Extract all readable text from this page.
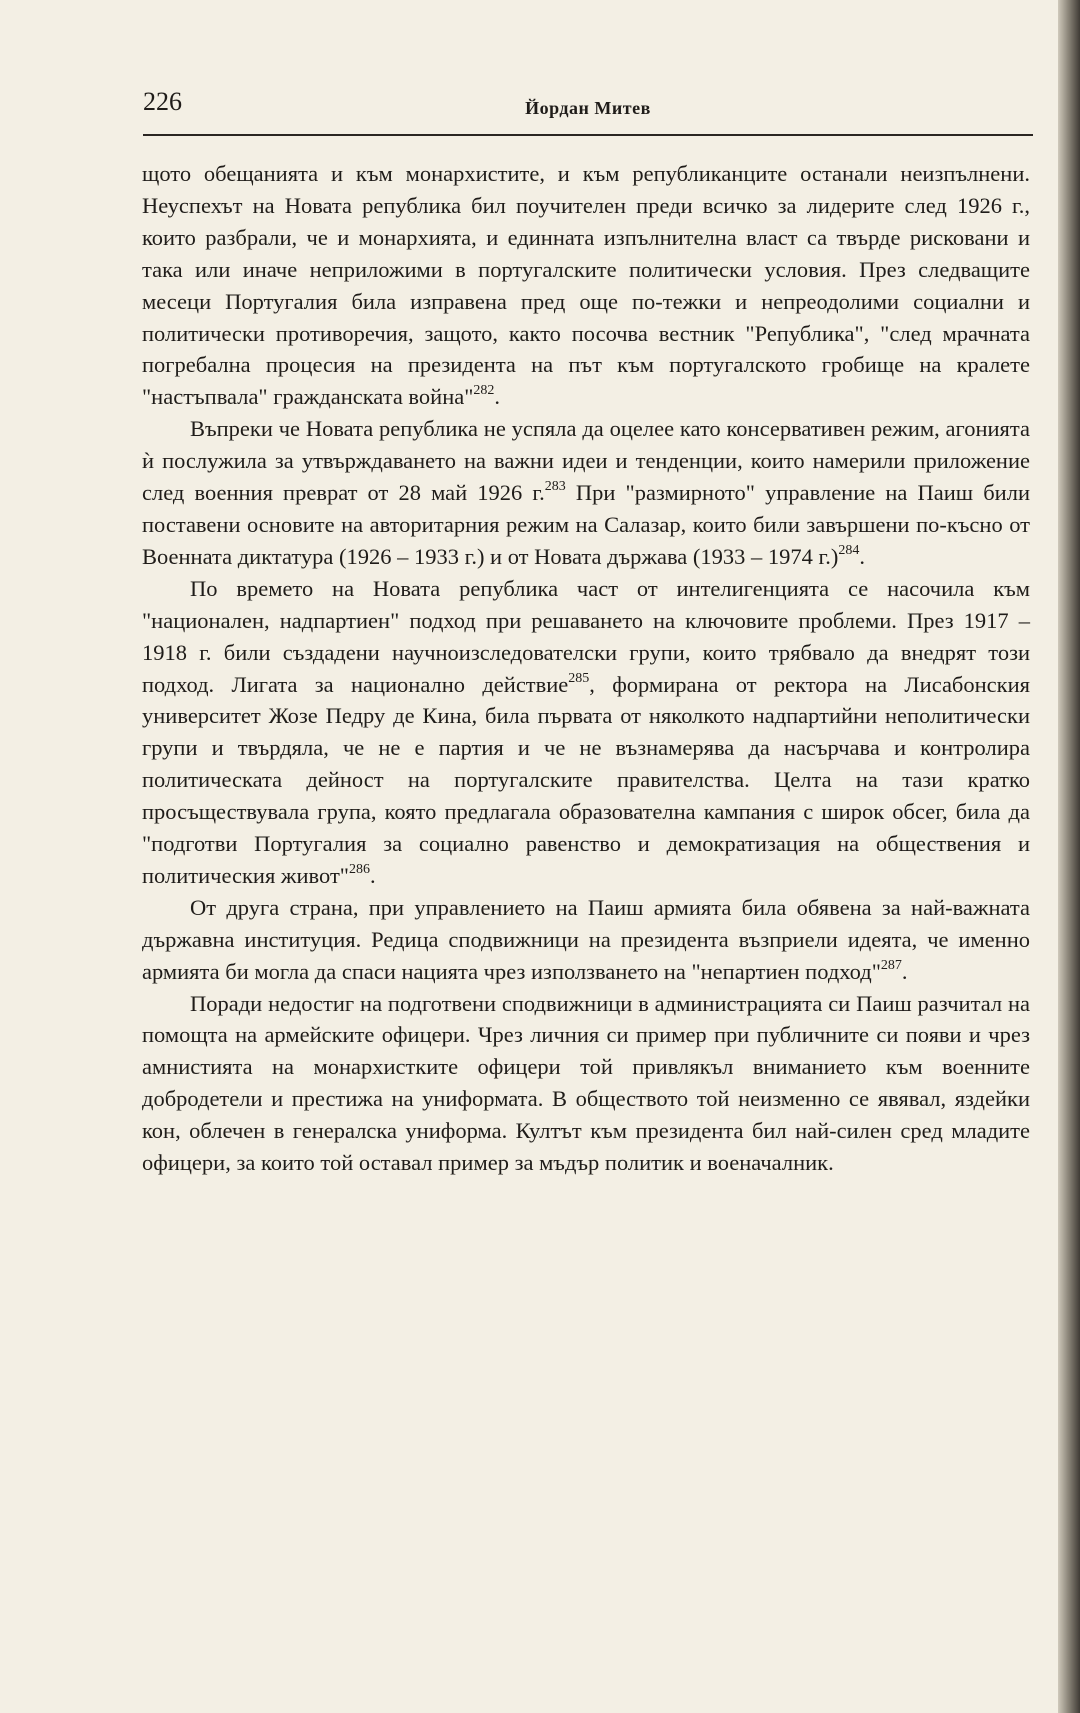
226	Йордан Митев

щото обещанията и към монархистите, и към републиканците останали неизпълнени. Неуспехът на Новата република бил поучителен преди всичко за лидерите след 1926 г., които разбрали, че и монархията, и единната изпълнителна власт са твърде рисковани и така или иначе неприложими в португалските политически условия. През следващите месеци Португалия била изправена пред още по-тежки и непреодолими социални и политически противоречия, защото, както посочва вестник "Република", "след мрачната погребална процесия на президента на път към португалското гробище на кралете "настъпвала" гражданската война"$^{282}$.

Въпреки че Новата република не успяла да оцелее като консервативен режим, агонията ѝ послужила за утвърждаването на важни идеи и тенденции, които намерили приложение след военния преврат от 28 май 1926 г.$^{283}$ При "размирното" управление на Паиш били поставени основите на авторитарния режим на Салазар, които били завършени по-късно от Военната диктатура (1926 – 1933 г.) и от Новата държава (1933 – 1974 г.)$^{284}$.

По времето на Новата република част от интелигенцията се насочила към "национален, надпартиен" подход при решаването на ключовите проблеми. През 1917 – 1918 г. били създадени научноизследователски групи, които трябвало да внедрят този подход. Лигата за национално действие$^{285}$, формирана от ректора на Лисабонския университет Жозе Педру де Кина, била първата от няколкото надпартийни неполитически групи и твърдяла, че не е партия и че не възнамерява да насърчава и контролира политическата дейност на португалските правителства. Целта на тази кратко просъществувала група, която предлагала образователна кампания с широк обсег, била да "подготви Португалия за социално равенство и демократизация на обществения и политическия живот"$^{286}$.

От друга страна, при управлението на Паиш армията била обявена за най-важната държавна институция. Редица сподвижници на президента възприели идеята, че именно армията би могла да спаси нацията чрез използването на "непартиен подход"$^{287}$.

Поради недостиг на подготвени сподвижници в администрацията си Паиш разчитал на помощта на армейските офицери. Чрез личния си пример при публичните си появи и чрез амнистията на монархистките офицери той привлякъл вниманието към военните добродетели и престижа на униформата. В обществото той неизменно се явявал, яздейки кон, облечен в генералска униформа. Култът към президента бил най-силен сред младите офицери, за които той оставал пример за мъдър политик и военачалник.
